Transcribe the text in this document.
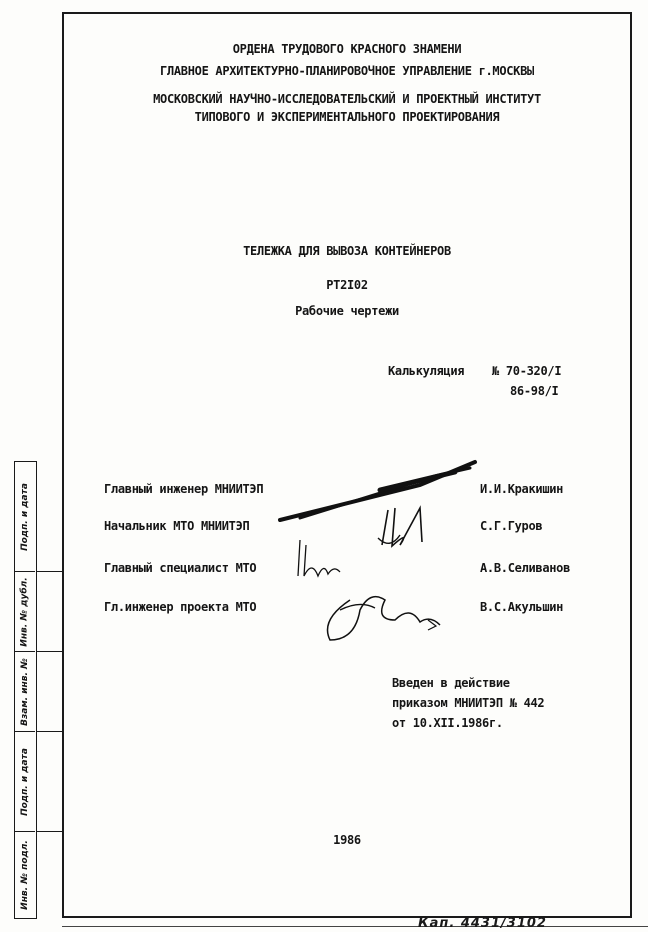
Подп. и дата
Инв. № дубл.
Взам. инв. №
Подп. и дата
Инв. № подл.
ОРДЕНА ТРУДОВОГО КРАСНОГО ЗНАМЕНИ
ГЛАВНОЕ АРХИТЕКТУРНО-ПЛАНИРОВОЧНОЕ УПРАВЛЕНИЕ г.МОСКВЫ
МОСКОВСКИЙ НАУЧНО-ИССЛЕДОВАТЕЛЬСКИЙ И ПРОЕКТНЫЙ ИНСТИТУТ
ТИПОВОГО И ЭКСПЕРИМЕНТАЛЬНОГО ПРОЕКТИРОВАНИЯ
ТЕЛЕЖКА ДЛЯ ВЫВОЗА КОНТЕЙНЕРОВ
РТ2I02
Рабочие чертежи
Калькуляция № 70-320/I
86-98/I
Главный инженер МНИИТЭП	И.И.Кракишин
Начальник МТО МНИИТЭП	С.Г.Гуров
Главный специалист МТО	А.В.Селиванов
Гл.инженер проекта МТО	В.С.Акульшин
Введен в действие
приказом МНИИТЭП № 442
от 10.XII.1986г.
1986
Кап. 4431/3102
